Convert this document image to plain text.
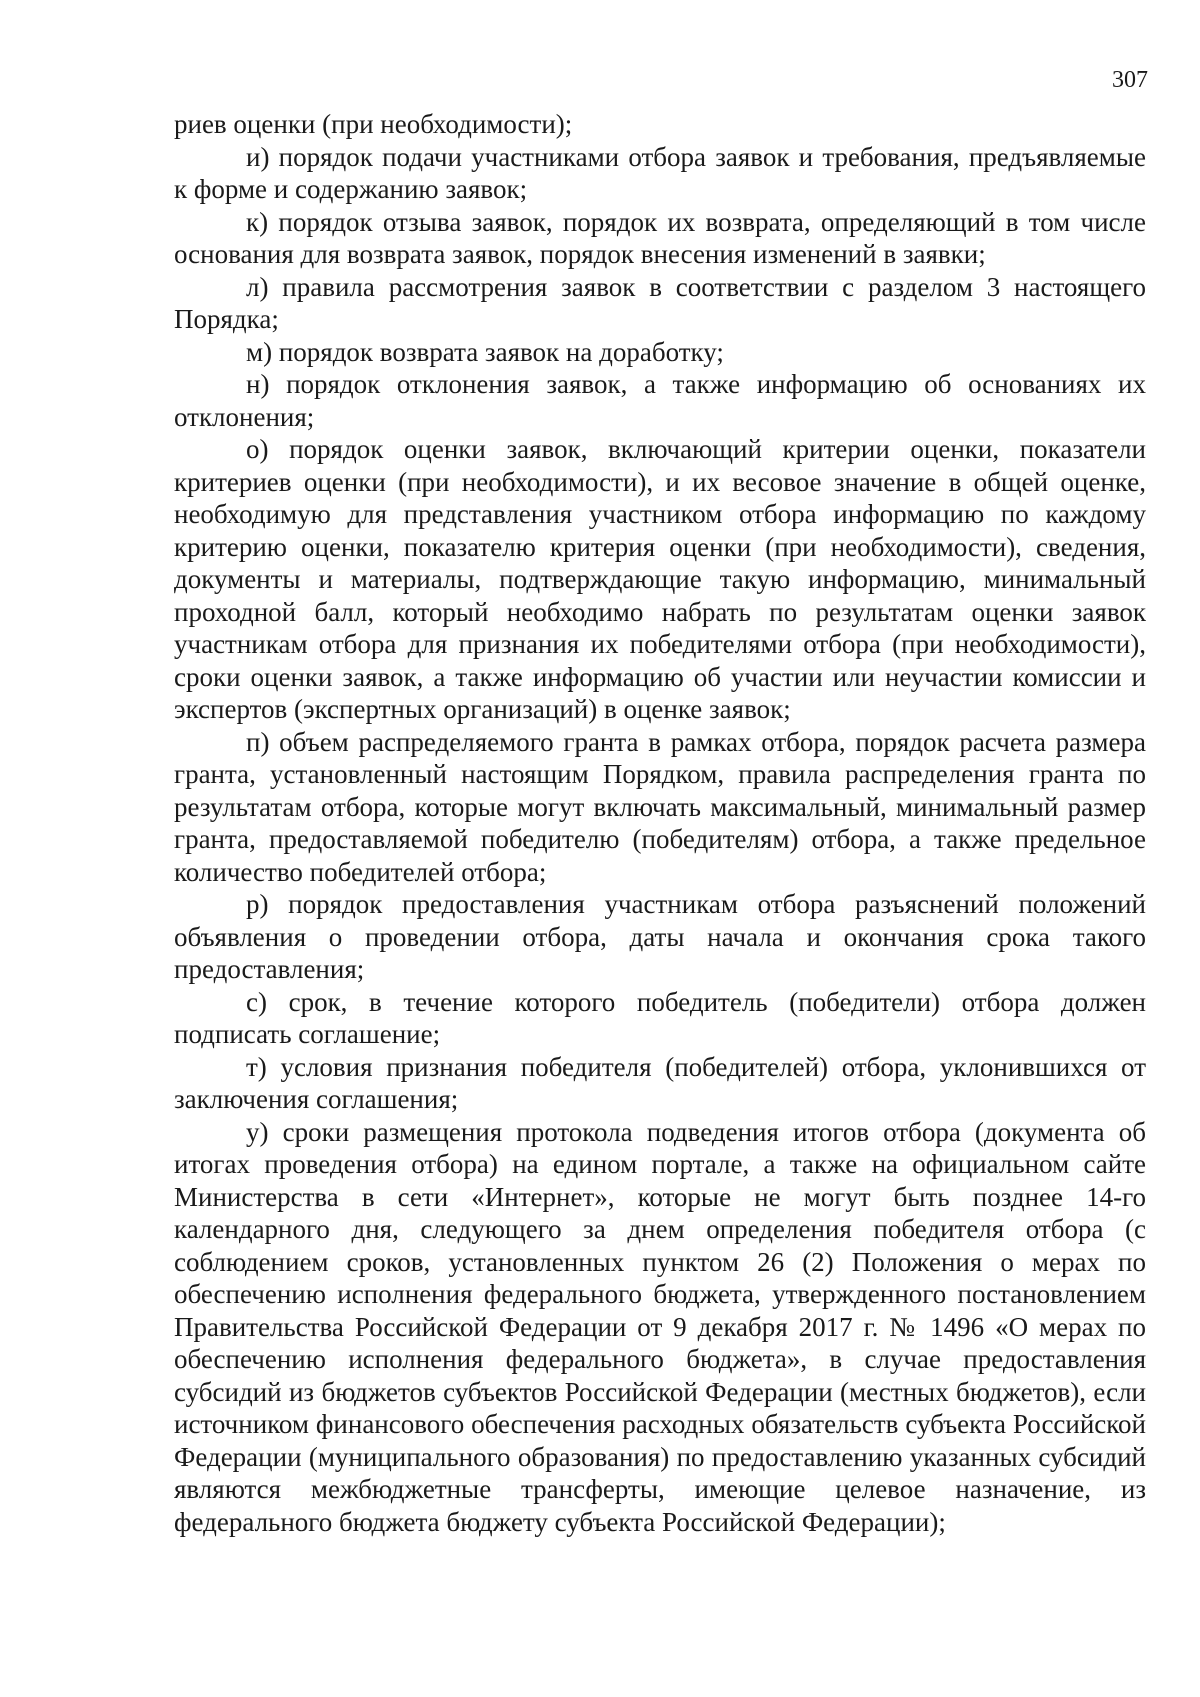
307

риев оценки (при необходимости);

и) порядок подачи участниками отбора заявок и требования, предъявляемые к форме и содержанию заявок;

к) порядок отзыва заявок, порядок их возврата, определяющий в том числе основания для возврата заявок, порядок внесения изменений в заявки;

л) правила рассмотрения заявок в соответствии с разделом 3 настоящего Порядка;

м) порядок возврата заявок на доработку;

н) порядок отклонения заявок, а также информацию об основаниях их отклонения;

о) порядок оценки заявок, включающий критерии оценки, показатели критериев оценки (при необходимости), и их весовое значение в общей оценке, необходимую для представления участником отбора информацию по каждому критерию оценки, показателю критерия оценки (при необходимости), сведения, документы и материалы, подтверждающие такую информацию, минимальный проходной балл, который необходимо набрать по результатам оценки заявок участникам отбора для признания их победителями отбора (при необходимости), сроки оценки заявок, а также информацию об участии или неучастии комиссии и экспертов (экспертных организаций) в оценке заявок;

п) объем распределяемого гранта в рамках отбора, порядок расчета размера гранта, установленный настоящим Порядком, правила распределения гранта по результатам отбора, которые могут включать максимальный, минимальный размер гранта, предоставляемой победителю (победителям) отбора, а также предельное количество победителей отбора;

р) порядок предоставления участникам отбора разъяснений положений объявления о проведении отбора, даты начала и окончания срока такого предоставления;

с) срок, в течение которого победитель (победители) отбора должен подписать соглашение;

т) условия признания победителя (победителей) отбора, уклонившихся от заключения соглашения;

у) сроки размещения протокола подведения итогов отбора (документа об итогах проведения отбора) на едином портале, а также на официальном сайте Министерства в сети «Интернет», которые не могут быть позднее 14-го календарного дня, следующего за днем определения победителя отбора (с соблюдением сроков, установленных пунктом 26 (2) Положения о мерах по обеспечению исполнения федерального бюджета, утвержденного постановлением Правительства Российской Федерации от 9 декабря 2017 г. № 1496 «О мерах по обеспечению исполнения федерального бюджета», в случае предоставления субсидий из бюджетов субъектов Российской Федерации (местных бюджетов), если источником финансового обеспечения расходных обязательств субъекта Российской Федерации (муниципального образования) по предоставлению указанных субсидий являются межбюджетные трансферты, имеющие целевое назначение, из федерального бюджета бюджету субъекта Российской Федерации);
